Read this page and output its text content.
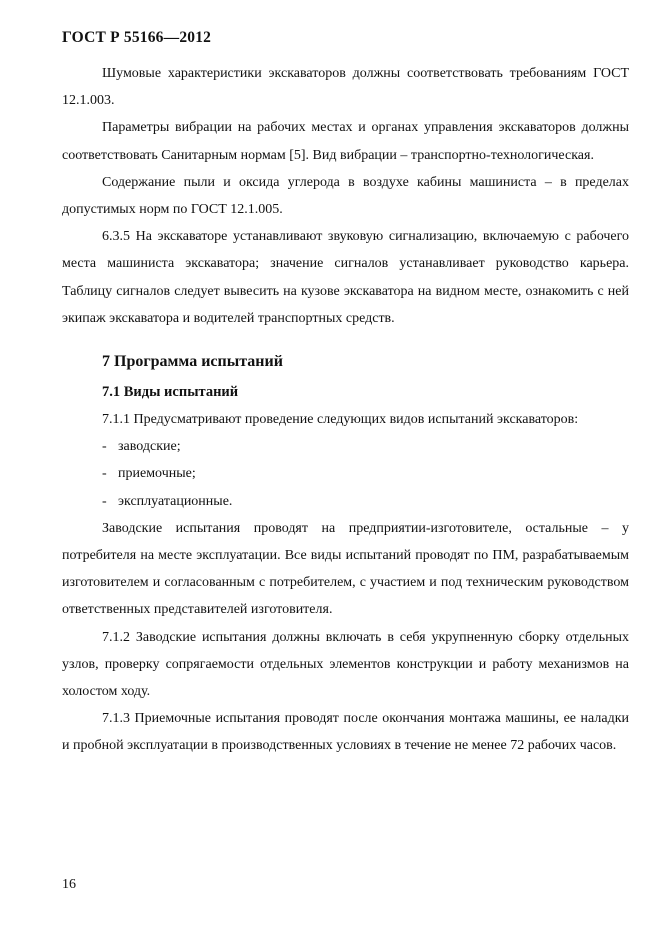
ГОСТ Р 55166—2012

Шумовые характеристики экскаваторов должны соответствовать требованиям ГОСТ 12.1.003.

Параметры вибрации на рабочих местах и органах управления экскаваторов должны соответствовать Санитарным нормам [5]. Вид вибрации – транспортно-технологическая.

Содержание пыли и оксида углерода в воздухе кабины машиниста – в пределах допустимых норм по ГОСТ 12.1.005.

6.3.5 На экскаваторе устанавливают звуковую сигнализацию, включаемую с рабочего места машиниста экскаватора; значение сигналов устанавливает руководство карьера. Таблицу сигналов следует вывесить на кузове экскаватора на видном месте, ознакомить с ней экипаж экскаватора и водителей транспортных средств.

7 Программа испытаний

7.1 Виды испытаний

7.1.1 Предусматривают проведение следующих видов испытаний экскаваторов:

- заводские;
- приемочные;
- эксплуатационные.

Заводские испытания проводят на предприятии-изготовителе, остальные – у потребителя на месте эксплуатации. Все виды испытаний проводят по ПМ, разрабатываемым изготовителем и согласованным с потребителем, с участием и под техническим руководством ответственных представителей изготовителя.

7.1.2 Заводские испытания должны включать в себя укрупненную сборку отдельных узлов, проверку сопрягаемости отдельных элементов конструкции и работу механизмов на холостом ходу.

7.1.3 Приемочные испытания проводят после окончания монтажа машины, ее наладки и пробной эксплуатации в производственных условиях в течение не менее 72 рабочих часов.

16
